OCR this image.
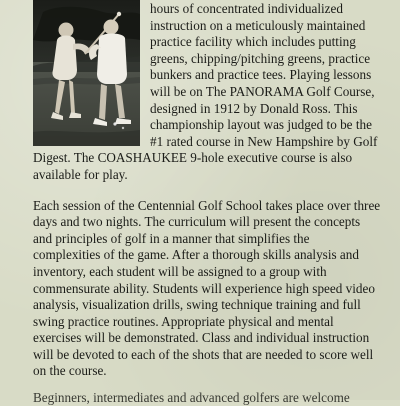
hours of concentrated individualized
instruction on a meticulously maintained
practice facility which includes putting
greens, chipping/pitching greens, practice
bunkers and practice tees. Playing lessons
will be on The PANORAMA Golf Course,
designed in 1912 by Donald Ross. This
championship layout was judged to be the
#1 rated course in New Hampshire by Golf
Digest. The COASHAUKEE 9-hole executive course is also
available for play.
Each session of the Centennial Golf School takes place over three
days and two nights. The curriculum will present the concepts
and principles of golf in a manner that simplifies the
complexities of the game. After a thorough skills analysis and
inventory, each student will be assigned to a group with
commensurate ability. Students will experience high speed video
analysis, visualization drills, swing technique training and full
swing practice routines. Appropriate physical and mental
exercises will be demonstrated. Class and individual instruction
will be devoted to each of the shots that are needed to score well
on the course.
Beginners, intermediates and advanced golfers are welcome
